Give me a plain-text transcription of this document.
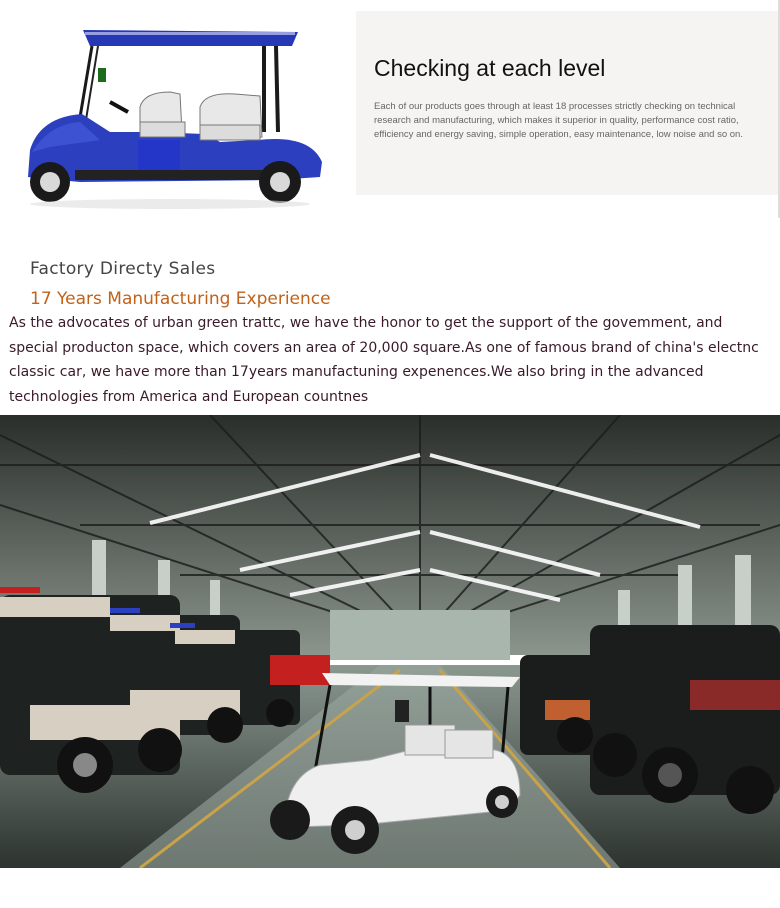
Checking at each level
Each of our products goes through at least 18 processes strictly checking on technical research and manufacturing, which makes it superior in quality, performance cost ratio, efficiency and energy saving, simple operation, easy maintenance, low noise and so on.
Factory Directy Sales
17 Years Manufacturing Experience
As the advocates of urban green trattc, we have the honor to get the support of the govemment, and special producton space, which covers an area of 20,000 square.As one of famous brand of china's electnc classic car, we have more than 17years manufactuning expenences.We also bring in the advanced technologies from America and European countnes
